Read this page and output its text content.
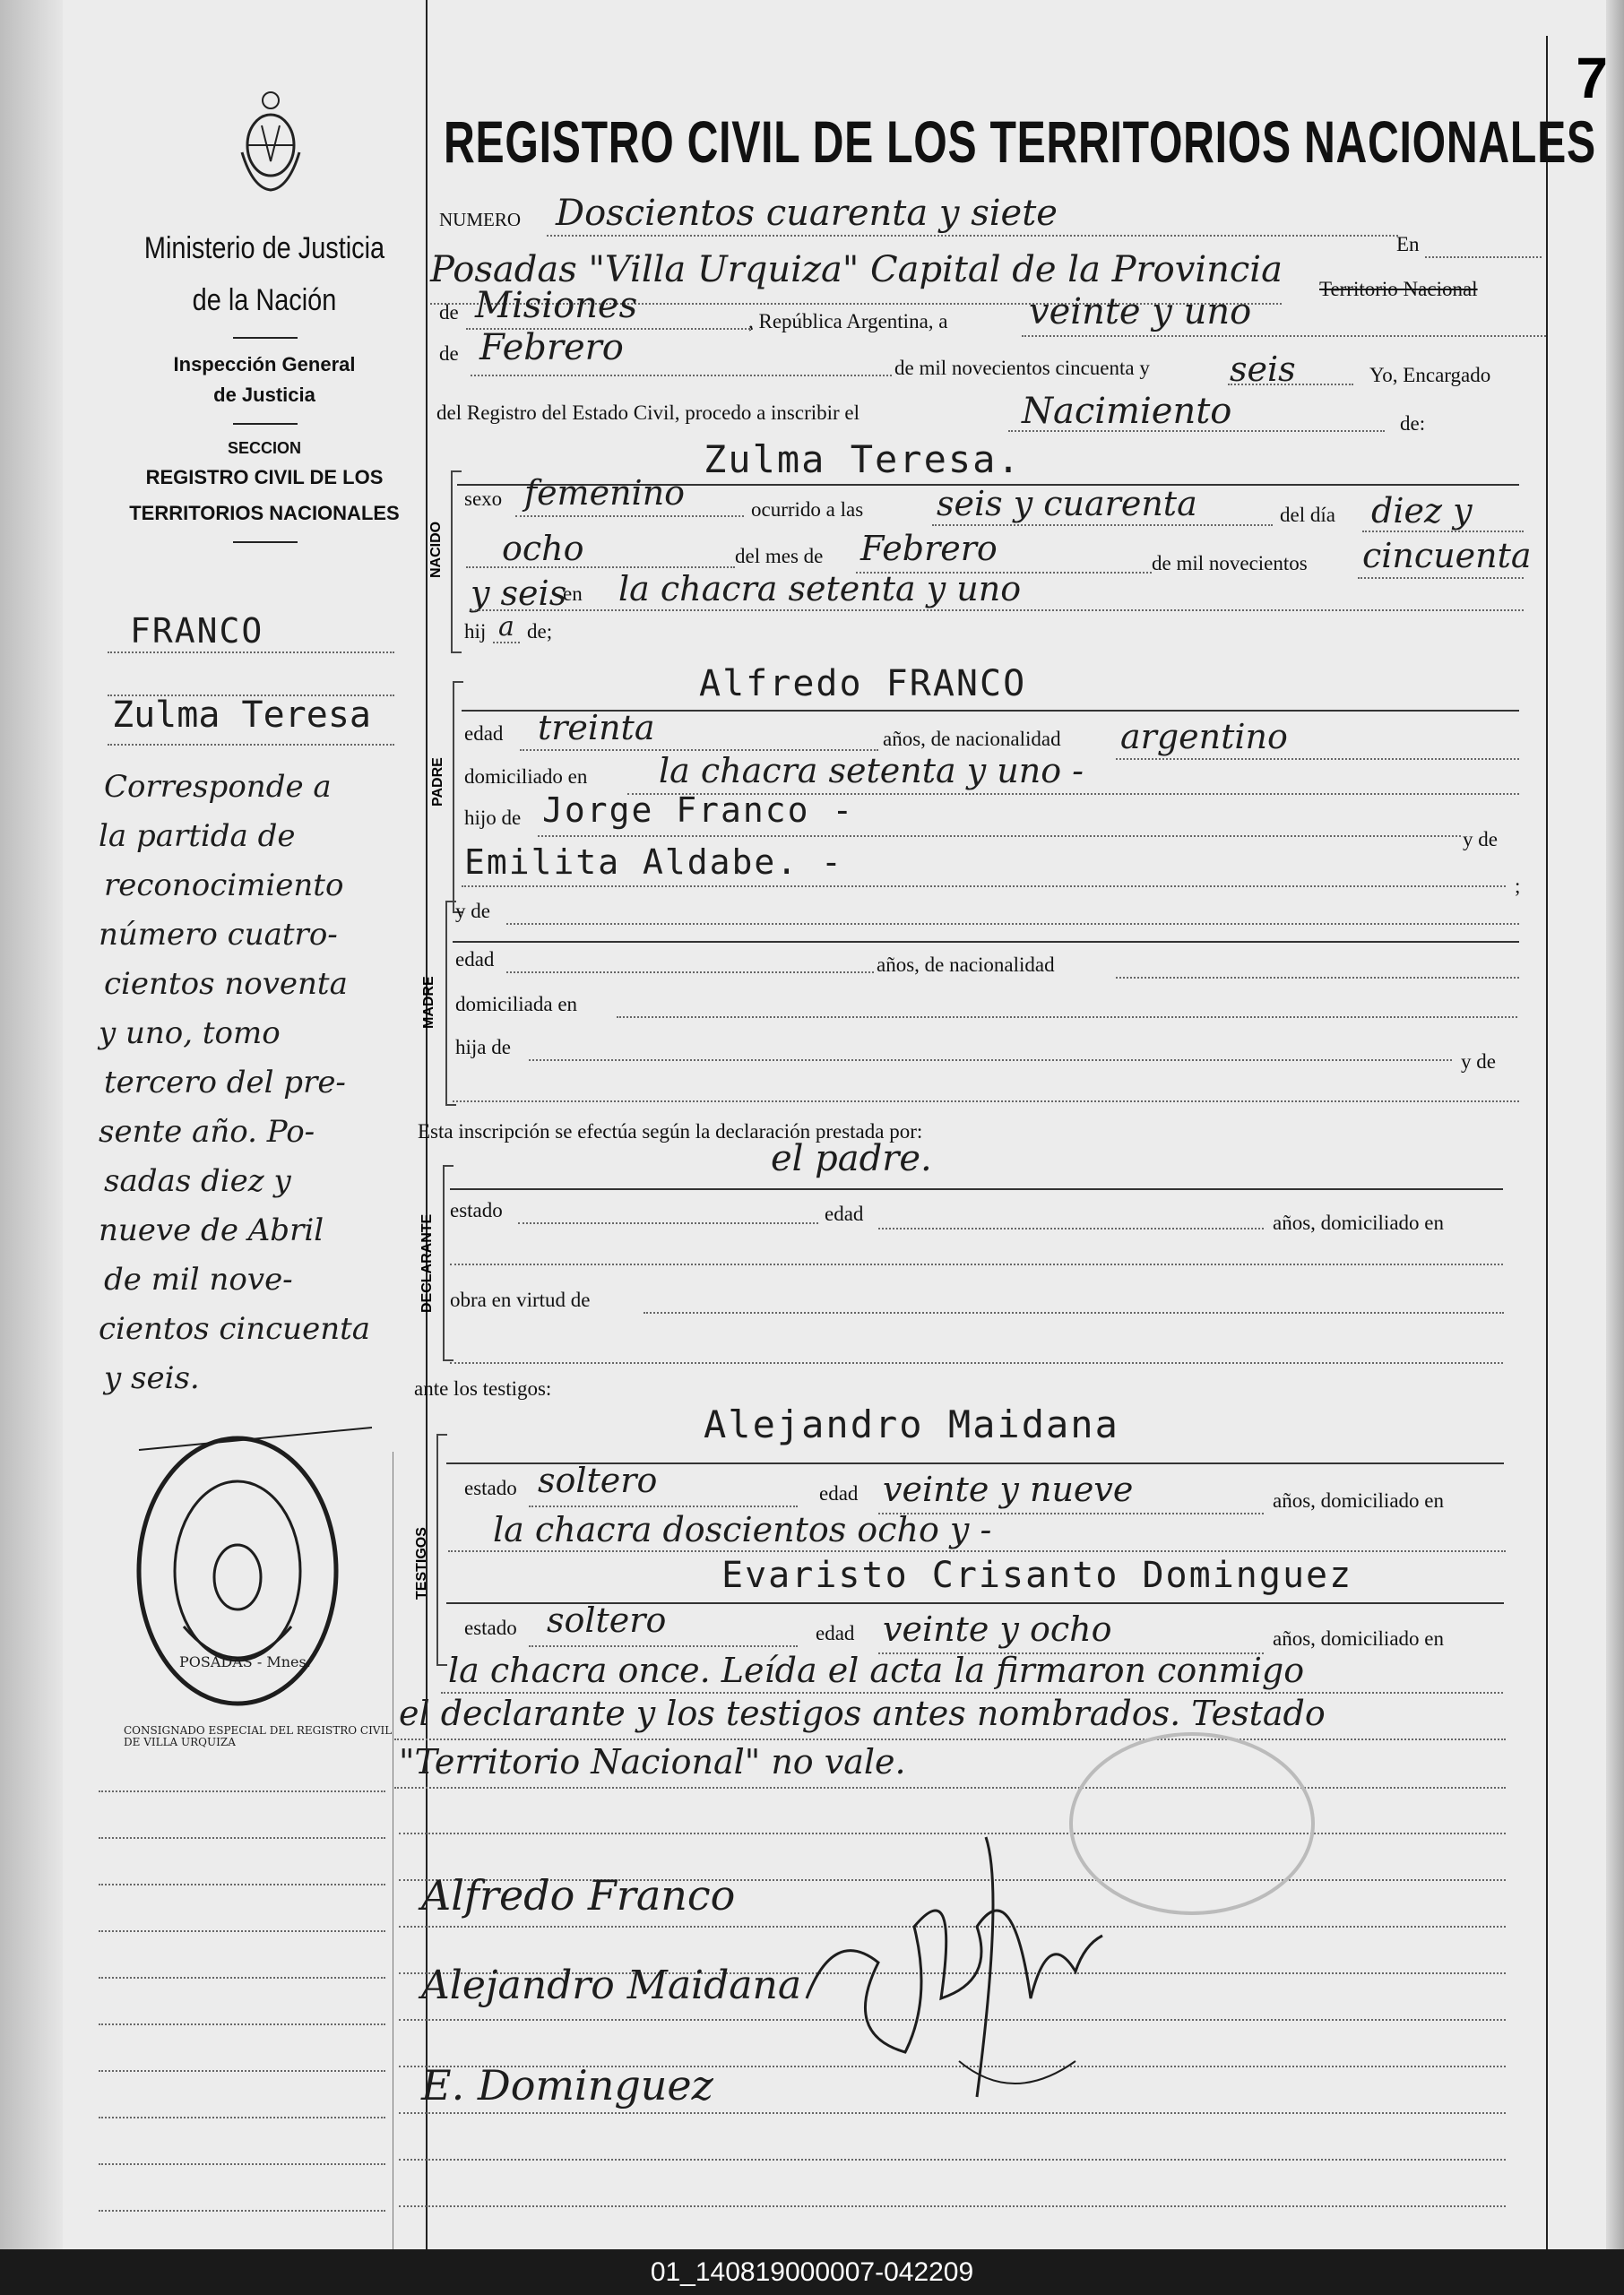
7
Ministerio de Justicia
de la Nación
Inspección General
de Justicia
SECCION
REGISTRO CIVIL DE LOS
TERRITORIOS NACIONALES
FRANCO
Zulma Teresa
Corresponde a
la partida de
reconocimiento
número cuatro-
cientos noventa
y uno, tomo
tercero del pre-
sente año. Po-
sadas diez y
nueve de Abril
de mil nove-
cientos cincuenta
y seis.
POSADAS - Mnes.
CONSIGNADO ESPECIAL DEL REGISTRO CIVIL DE VILLA URQUIZA
REGISTRO CIVIL DE LOS TERRITORIOS NACIONALES
NUMERO Doscientos cuarenta y siete
En
Posadas "Villa Urquiza" Capital de la Provincia Territorio Nacional
de Misiones	, República Argentina, a veinte y uno
de Febrero	de mil novecientos cincuenta y seis	Yo, Encargado
del Registro del Estado Civil, procedo a inscribir el	Nacimiento	de:
Zulma Teresa.
NACIDO
sexo femenino	ocurrido a las seis y cuarenta	del día diez y
ocho	del mes de Febrero	de mil novecientos cincuenta
y seis
en la chacra setenta y uno
hij a de;
Alfredo FRANCO
PADRE
edad treinta	años, de nacionalidad argentino
domiciliado en la chacra setenta y uno -
hijo de Jorge Franco -
y de
Emilita Aldabe. -
;
y de
MADRE
edad	años, de nacionalidad
domiciliada en
hija de
y de
Esta inscripción se efectúa según la declaración prestada por:
el padre.
DECLARANTE
estado	edad	años, domiciliado en
obra en virtud de
ante los testigos:
Alejandro Maidana
TESTIGOS
estado soltero	edad veinte y nueve	años, domiciliado en
la chacra doscientos ocho y -
Evaristo Crisanto Dominguez
estado soltero	edad veinte y ocho	años, domiciliado en
la chacra once. Leída el acta la firmaron conmigo
el declarante y los testigos antes nombrados. Testado
"Territorio Nacional" no vale.
Alfredo Franco
Alejandro Maidana
E. Dominguez
01_140819000007-042209
